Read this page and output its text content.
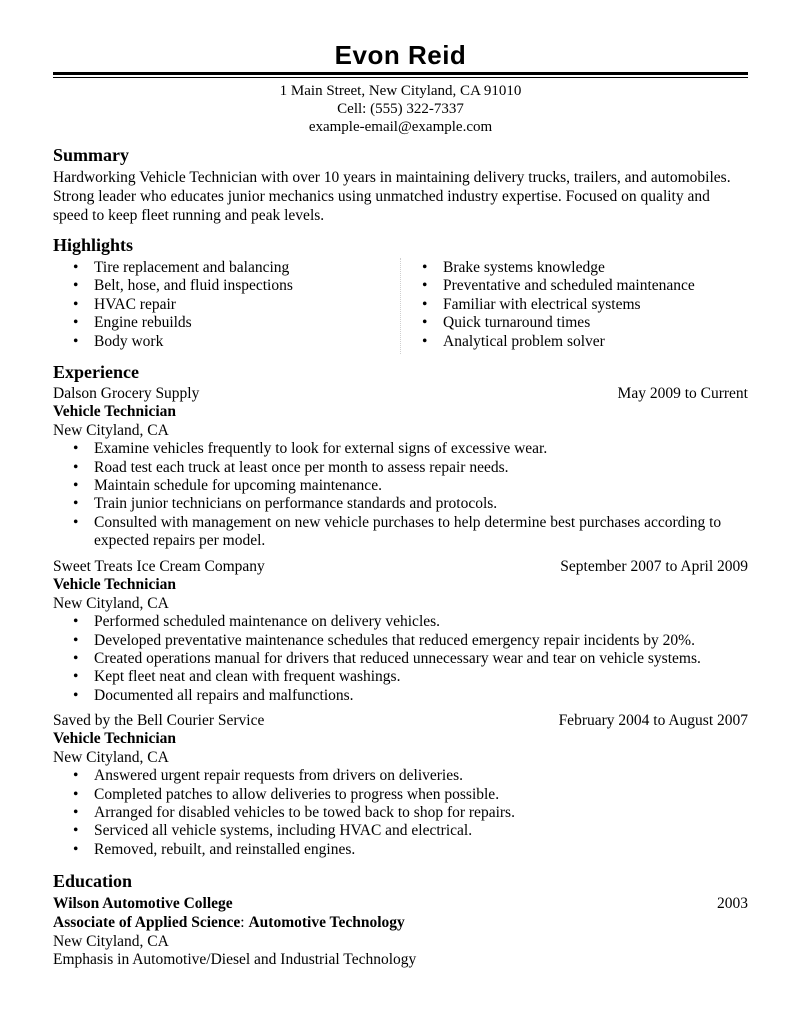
Evon Reid
1 Main Street, New Cityland, CA 91010
Cell: (555) 322-7337
example-email@example.com
Summary
Hardworking Vehicle Technician with over 10 years in maintaining delivery trucks, trailers, and automobiles. Strong leader who educates junior mechanics using unmatched industry expertise. Focused on quality and speed to keep fleet running and peak levels.
Highlights
• Tire replacement and balancing
• Belt, hose, and fluid inspections
• HVAC repair
• Engine rebuilds
• Body work
• Brake systems knowledge
• Preventative and scheduled maintenance
• Familiar with electrical systems
• Quick turnaround times
• Analytical problem solver
Experience
Dalson Grocery Supply	May 2009 to Current
Vehicle Technician
New Cityland, CA
• Examine vehicles frequently to look for external signs of excessive wear.
• Road test each truck at least once per month to assess repair needs.
• Maintain schedule for upcoming maintenance.
• Train junior technicians on performance standards and protocols.
• Consulted with management on new vehicle purchases to help determine best purchases according to expected repairs per model.
Sweet Treats Ice Cream Company	September 2007 to April 2009
Vehicle Technician
New Cityland, CA
• Performed scheduled maintenance on delivery vehicles.
• Developed preventative maintenance schedules that reduced emergency repair incidents by 20%.
• Created operations manual for drivers that reduced unnecessary wear and tear on vehicle systems.
• Kept fleet neat and clean with frequent washings.
• Documented all repairs and malfunctions.
Saved by the Bell Courier Service	February 2004 to August 2007
Vehicle Technician
New Cityland, CA
• Answered urgent repair requests from drivers on deliveries.
• Completed patches to allow deliveries to progress when possible.
• Arranged for disabled vehicles to be towed back to shop for repairs.
• Serviced all vehicle systems, including HVAC and electrical.
• Removed, rebuilt, and reinstalled engines.
Education
Wilson Automotive College	2003
Associate of Applied Science: Automotive Technology
New Cityland, CA
Emphasis in Automotive/Diesel and Industrial Technology
